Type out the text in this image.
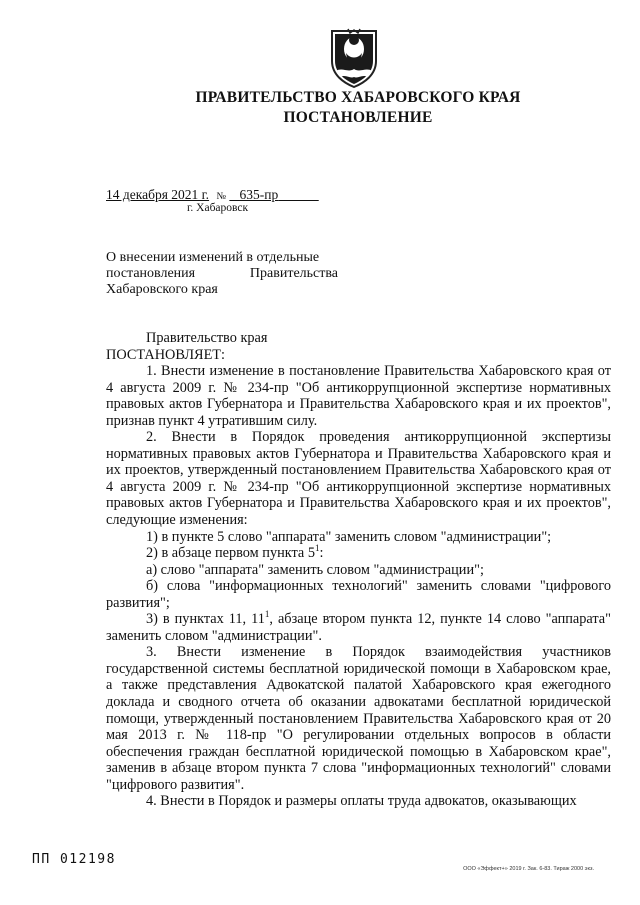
ПРАВИТЕЛЬСТВО ХАБАРОВСКОГО КРАЯ
ПОСТАНОВЛЕНИЕ
14 декабря 2021 г. № 635-пр
г. Хабаровск
О внесении изменений в отдельные
постановления Правительства
Хабаровского края

Правительство края

ПОСТАНОВЛЯЕТ:

1. Внести изменение в постановление Правительства Хабаровского края от 4 августа 2009 г. № 234-пр "Об антикоррупционной экспертизе нормативных правовых актов Губернатора и Правительства Хабаровского края и их проектов", признав пункт 4 утратившим силу.

2. Внести в Порядок проведения антикоррупционной экспертизы нормативных правовых актов Губернатора и Правительства Хабаровского края и их проектов, утвержденный постановлением Правительства Хабаровского края от 4 августа 2009 г. № 234-пр "Об антикоррупционной экспертизе нормативных правовых актов Губернатора и Правительства Хабаровского края и их проектов", следующие изменения:

1) в пункте 5 слово "аппарата" заменить словом "администрации";

2) в абзаце первом пункта $5^1$:

а) слово "аппарата" заменить словом "администрации";

б) слова "информационных технологий" заменить словами "цифрового развития";

3) в пунктах 11, $11^1$, абзаце втором пункта 12, пункте 14 слово "аппарата" заменить словом "администрации".

3. Внести изменение в Порядок взаимодействия участников государственной системы бесплатной юридической помощи в Хабаровском крае, а также представления Адвокатской палатой Хабаровского края ежегодного доклада и сводного отчета об оказании адвокатами бесплатной юридической помощи, утвержденный постановлением Правительства Хабаровского края от 20 мая 2013 г. № 118-пр "О регулировании отдельных вопросов в области обеспечения граждан бесплатной юридической помощью в Хабаровском крае", заменив в абзаце втором пункта 7 слова "информационных технологий" словами "цифрового развития".

4. Внести в Порядок и размеры оплаты труда адвокатов, оказывающих

ПП 012198
ООО «Эффект+» 2019 г. Зак. 6-83. Тираж 2000 экз.
